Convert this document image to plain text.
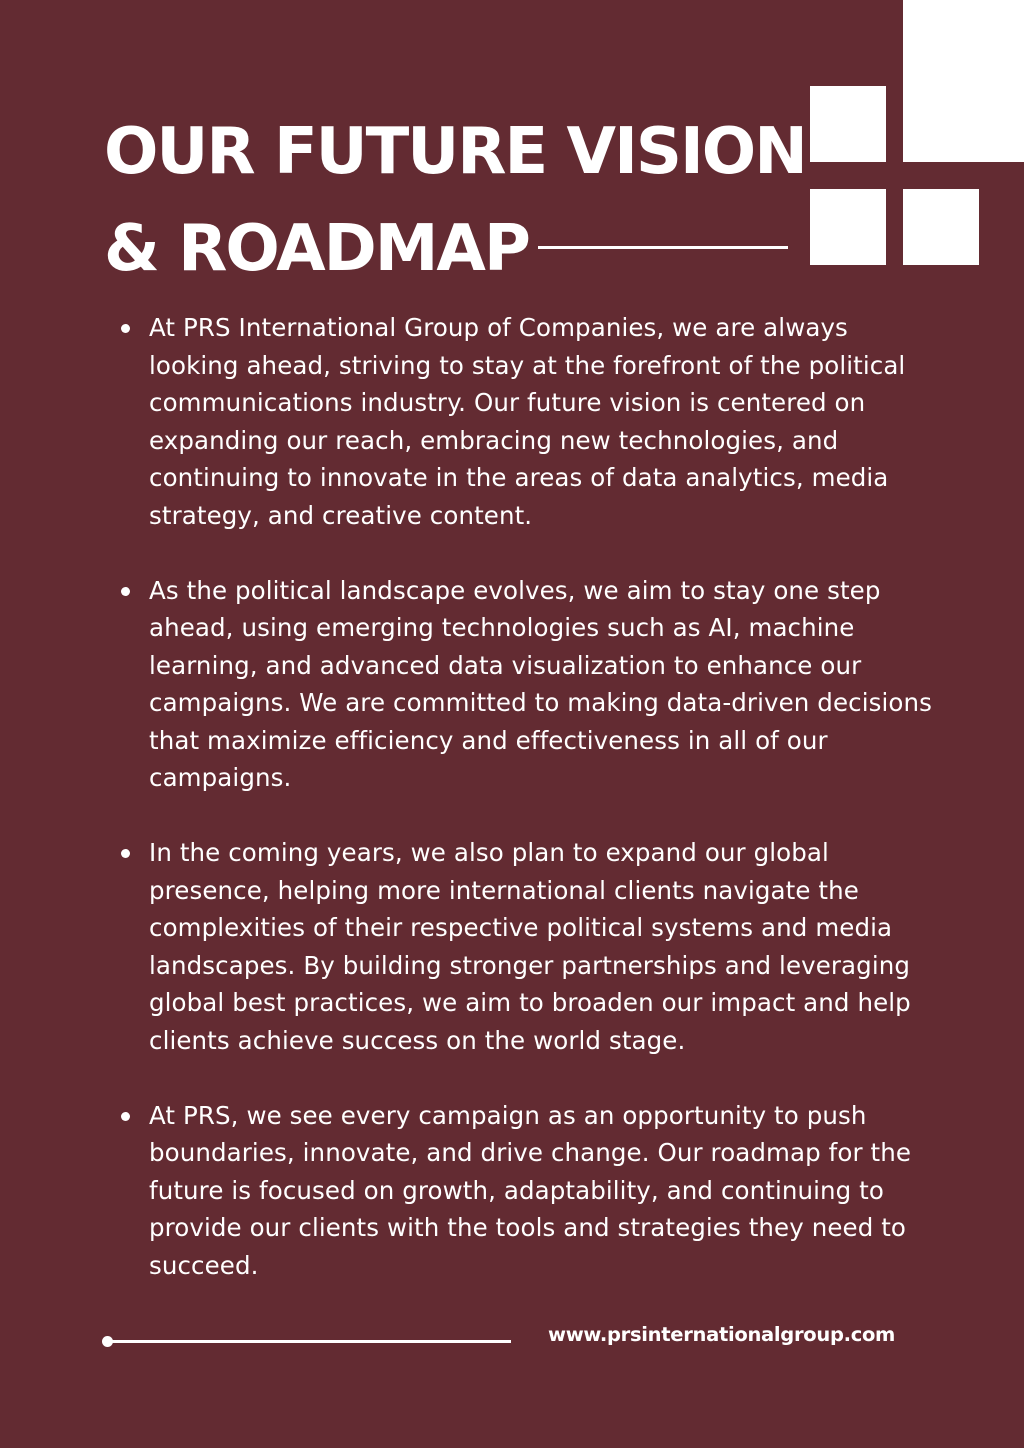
OUR FUTURE VISION
& ROADMAP
At PRS International Group of Companies, we are always looking ahead, striving to stay at the forefront of the political communications industry. Our future vision is centered on expanding our reach, embracing new technologies, and continuing to innovate in the areas of data analytics, media strategy, and creative content.
As the political landscape evolves, we aim to stay one step ahead, using emerging technologies such as AI, machine learning, and advanced data visualization to enhance our campaigns. We are committed to making data-driven decisions that maximize efficiency and effectiveness in all of our campaigns.
In the coming years, we also plan to expand our global presence, helping more international clients navigate the complexities of their respective political systems and media landscapes. By building stronger partnerships and leveraging global best practices, we aim to broaden our impact and help clients achieve success on the world stage.
At PRS, we see every campaign as an opportunity to push boundaries, innovate, and drive change. Our roadmap for the future is focused on growth, adaptability, and continuing to provide our clients with the tools and strategies they need to succeed.
www.prsinternationalgroup.com
